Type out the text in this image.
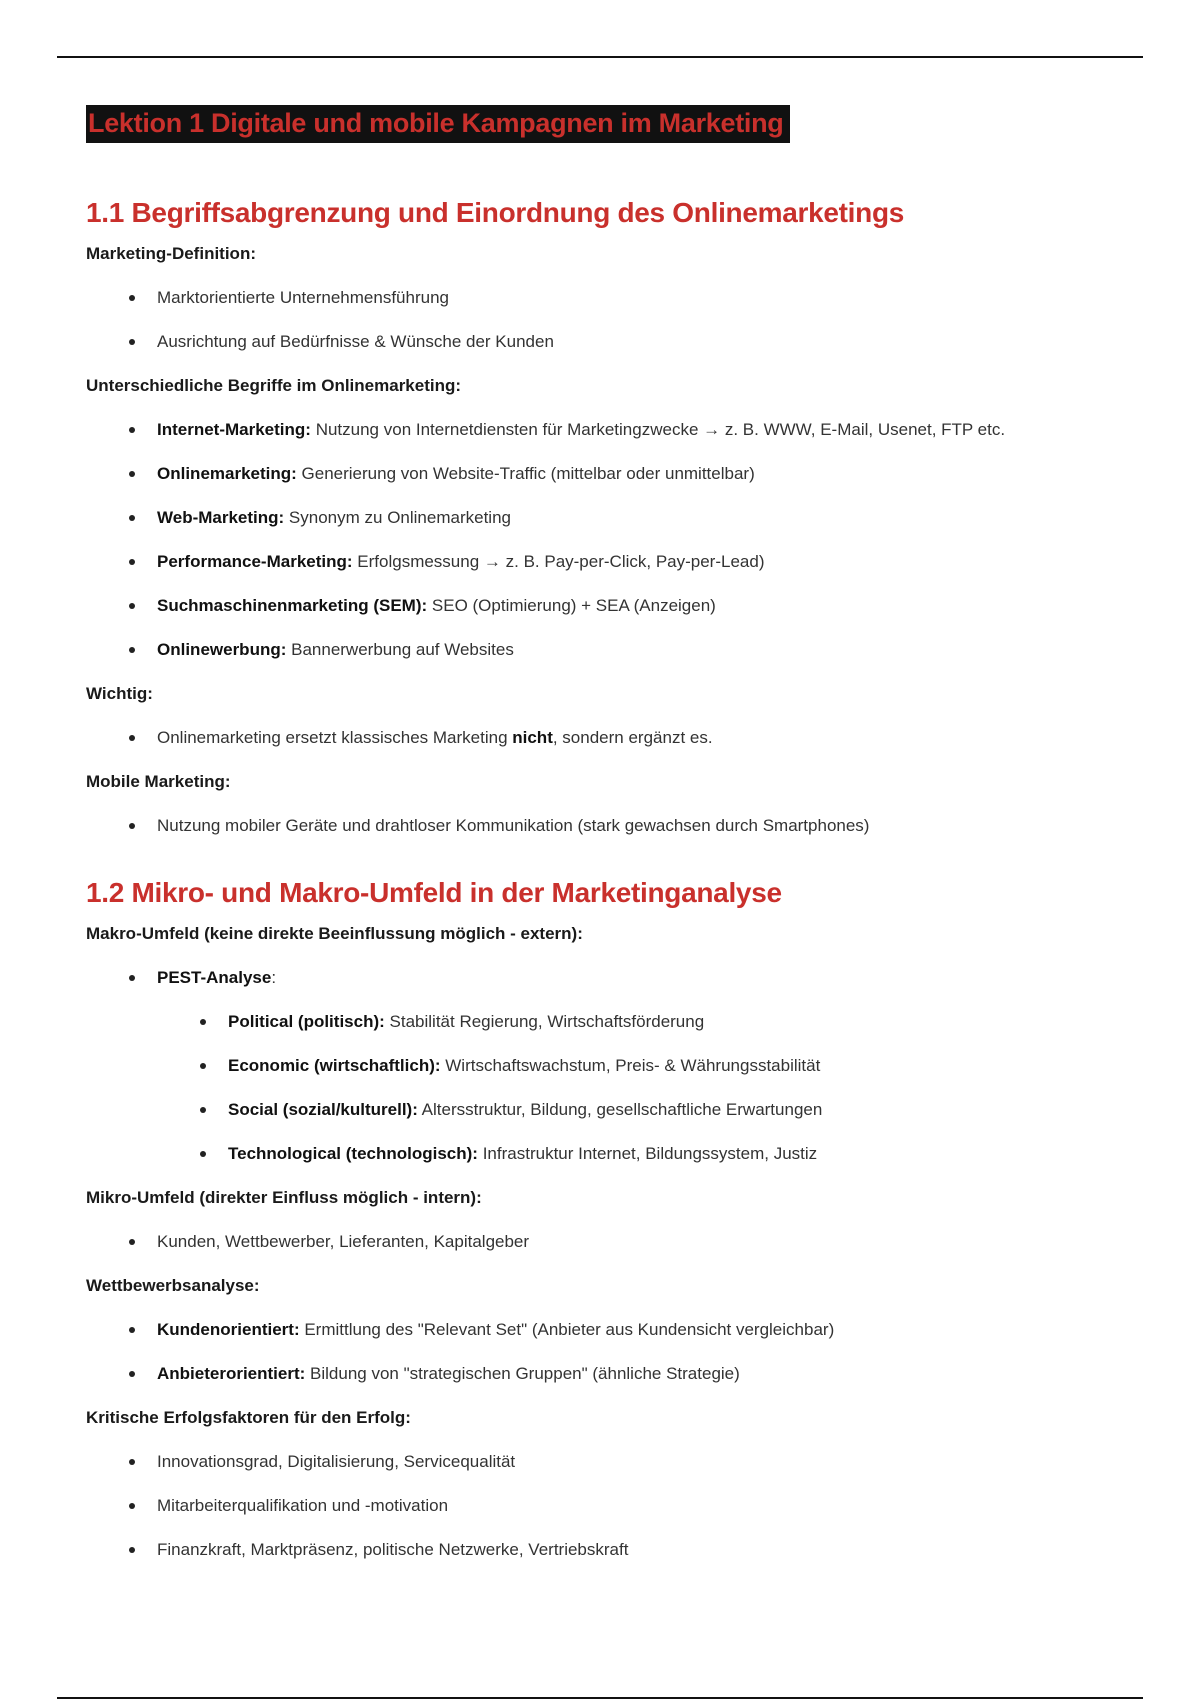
Lektion 1 Digitale und mobile Kampagnen im Marketing
1.1 Begriffsabgrenzung und Einordnung des Onlinemarketings

Marketing-Definition:

Marktorientierte Unternehmensführung
Ausrichtung auf Bedürfnisse & Wünsche der Kunden

Unterschiedliche Begriffe im Onlinemarketing:

Internet-Marketing: Nutzung von Internetdiensten für Marketingzwecke → z. B. WWW, E-Mail, Usenet, FTP etc.
Onlinemarketing: Generierung von Website-Traffic (mittelbar oder unmittelbar)
Web-Marketing: Synonym zu Onlinemarketing
Performance-Marketing: Erfolgsmessung → z. B. Pay-per-Click, Pay-per-Lead)
Suchmaschinenmarketing (SEM): SEO (Optimierung) + SEA (Anzeigen)
Onlinewerbung: Bannerwerbung auf Websites

Wichtig:

Onlinemarketing ersetzt klassisches Marketing nicht, sondern ergänzt es.

Mobile Marketing:

Nutzung mobiler Geräte und drahtloser Kommunikation (stark gewachsen durch Smartphones)
1.2 Mikro- und Makro-Umfeld in der Marketinganalyse

Makro-Umfeld (keine direkte Beeinflussung möglich - extern):

PEST-Analyse:
Political (politisch): Stabilität Regierung, Wirtschaftsförderung
Economic (wirtschaftlich): Wirtschaftswachstum, Preis- & Währungsstabilität
Social (sozial/kulturell): Altersstruktur, Bildung, gesellschaftliche Erwartungen
Technological (technologisch): Infrastruktur Internet, Bildungssystem, Justiz

Mikro-Umfeld (direkter Einfluss möglich - intern):

Kunden, Wettbewerber, Lieferanten, Kapitalgeber

Wettbewerbsanalyse:

Kundenorientiert: Ermittlung des "Relevant Set" (Anbieter aus Kundensicht vergleichbar)
Anbieterorientiert: Bildung von "strategischen Gruppen" (ähnliche Strategie)

Kritische Erfolgsfaktoren für den Erfolg:

Innovationsgrad, Digitalisierung, Servicequalität
Mitarbeiterqualifikation und -motivation
Finanzkraft, Marktpräsenz, politische Netzwerke, Vertriebskraft
